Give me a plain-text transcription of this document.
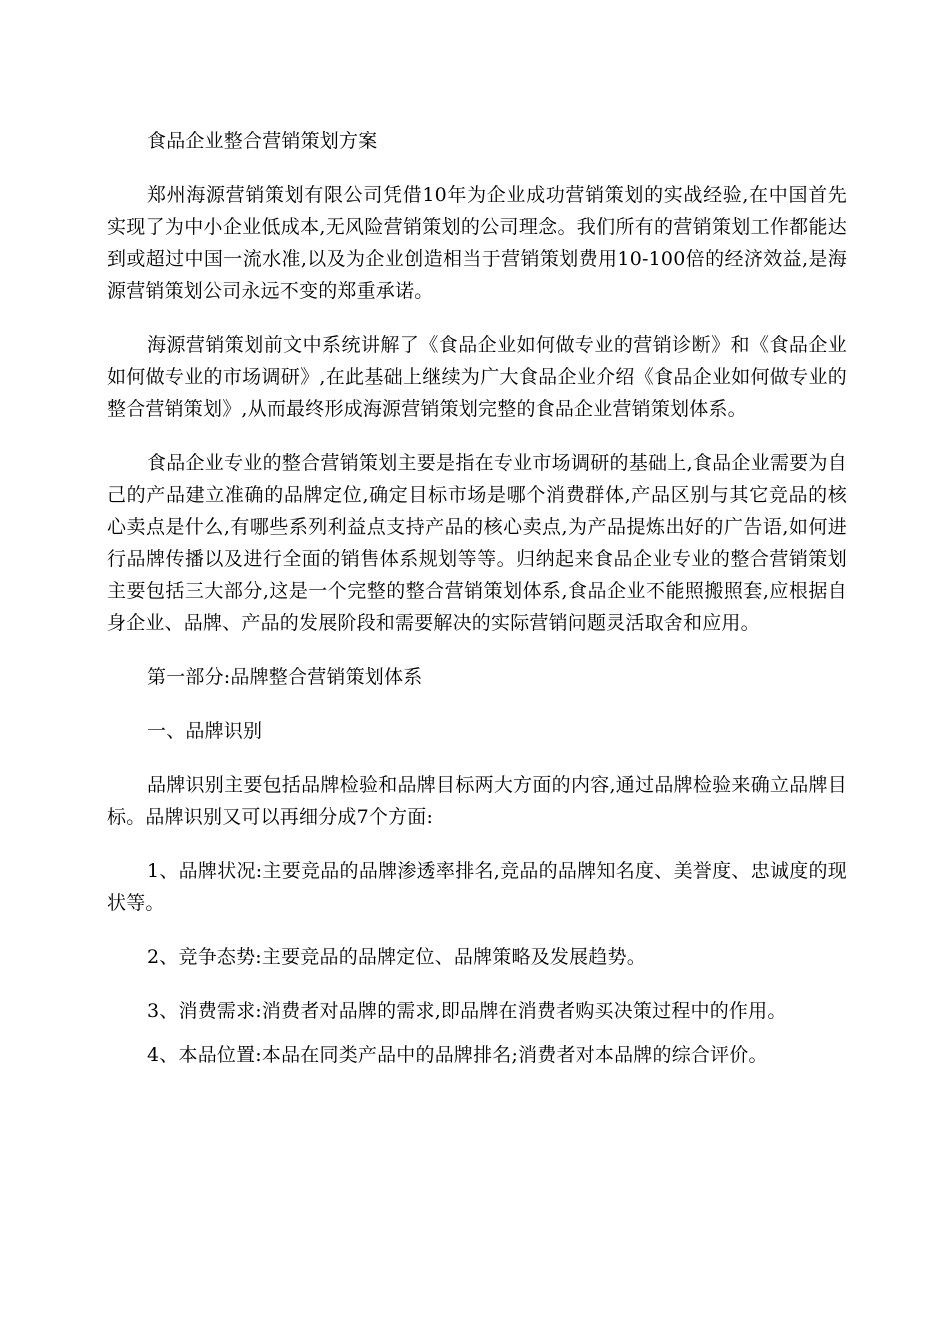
食品企业整合营销策划方案

郑州海源营销策划有限公司凭借10年为企业成功营销策划的实战经验,在中国首先实现了为中小企业低成本,无风险营销策划的公司理念。我们所有的营销策划工作都能达到或超过中国一流水准,以及为企业创造相当于营销策划费用10-100倍的经济效益,是海源营销策划公司永远不变的郑重承诺。

海源营销策划前文中系统讲解了《食品企业如何做专业的营销诊断》和《食品企业如何做专业的市场调研》,在此基础上继续为广大食品企业介绍《食品企业如何做专业的整合营销策划》,从而最终形成海源营销策划完整的食品企业营销策划体系。

食品企业专业的整合营销策划主要是指在专业市场调研的基础上,食品企业需要为自己的产品建立准确的品牌定位,确定目标市场是哪个消费群体,产品区别与其它竞品的核心卖点是什么,有哪些系列利益点支持产品的核心卖点,为产品提炼出好的广告语,如何进行品牌传播以及进行全面的销售体系规划等等。归纳起来食品企业专业的整合营销策划主要包括三大部分,这是一个完整的整合营销策划体系,食品企业不能照搬照套,应根据自身企业、品牌、产品的发展阶段和需要解决的实际营销问题灵活取舍和应用。

第一部分:品牌整合营销策划体系

一、品牌识别

品牌识别主要包括品牌检验和品牌目标两大方面的内容,通过品牌检验来确立品牌目标。品牌识别又可以再细分成7个方面:

1、品牌状况:主要竞品的品牌渗透率排名,竞品的品牌知名度、美誉度、忠诚度的现状等。

2、竞争态势:主要竞品的品牌定位、品牌策略及发展趋势。

3、消费需求:消费者对品牌的需求,即品牌在消费者购买决策过程中的作用。

4、本品位置:本品在同类产品中的品牌排名;消费者对本品牌的综合评价。
